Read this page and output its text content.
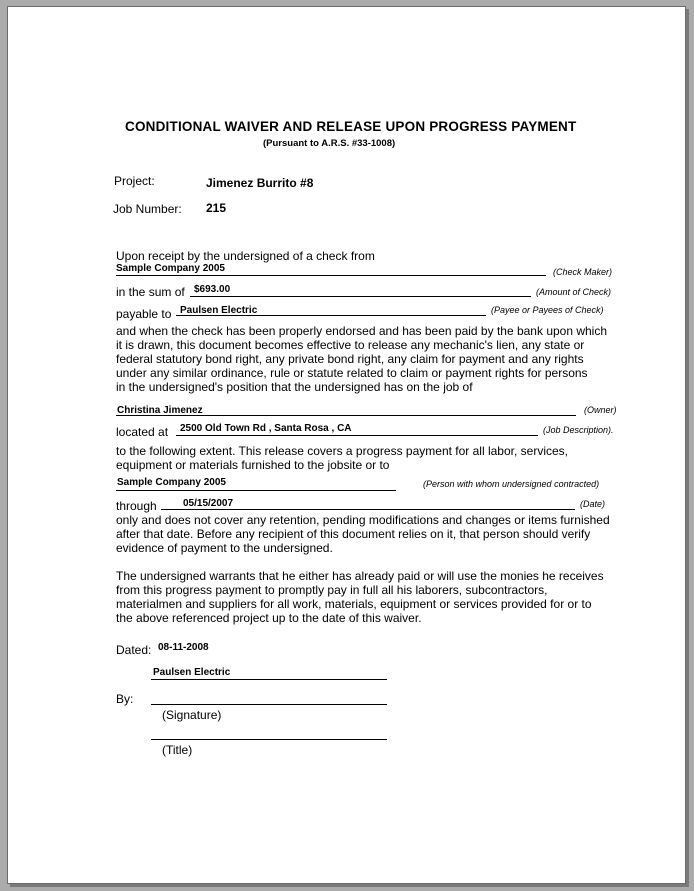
CONDITIONAL WAIVER AND RELEASE UPON PROGRESS PAYMENT
(Pursuant to A.R.S. #33-1008)
Project:	Jimenez Burrito #8
Job Number: 215
Upon receipt by the undersigned of a check from
Sample Company 2005	(Check Maker)
in the sum of $693.00	(Amount of Check)
payable to Paulsen Electric	(Payee or Payees of Check)
and when the check has been properly endorsed and has been paid by the bank upon which
it is drawn, this document becomes effective to release any mechanic's lien, any state or
federal statutory bond right, any private bond right, any claim for payment and any rights
under any similar ordinance, rule or statute related to claim or payment rights for persons
in the undersigned's position that the undersigned has on the job of
Christina Jimenez	(Owner)
located at 2500 Old Town Rd , Santa Rosa , CA	(Job Description).
to the following extent. This release covers a progress payment for all labor, services,
equipment or materials furnished to the jobsite or to
Sample Company 2005	(Person with whom undersigned contracted)
through	05/15/2007	(Date)
only and does not cover any retention, pending modifications and changes or items furnished
after that date. Before any recipient of this document relies on it, that person should verify
evidence of payment to the undersigned.
The undersigned warrants that he either has already paid or will use the monies he receives
from this progress payment to promptly pay in full all his laborers, subcontractors,
materialmen and suppliers for all work, materials, equipment or services provided for or to
the above referenced project up to the date of this waiver.
Dated: 08-11-2008
Paulsen Electric
By:
(Signature)
(Title)
